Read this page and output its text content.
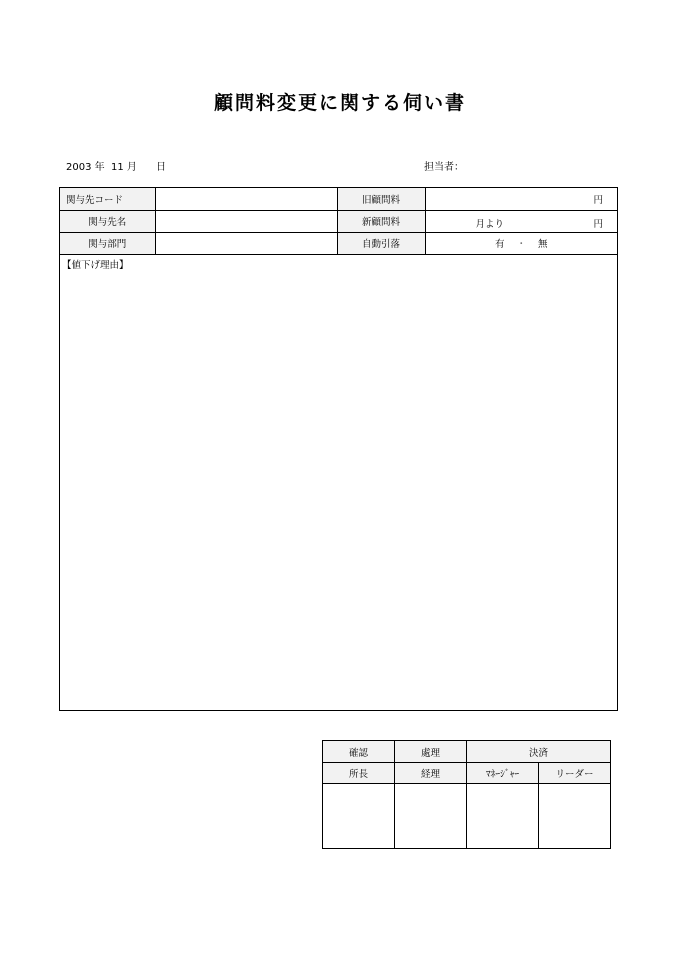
顧問料変更に関する伺い書
2003 年 11 月 日	担当者：
関与先コード		旧顧問料	円
関与先名		新顧問料	月より 円

関与部門		自動引落	有 ・ 無
【値下げ理由】
確認	處理	決済	
所長	経理	ﾏﾈｰｼﾞｬｰ	リーダー
